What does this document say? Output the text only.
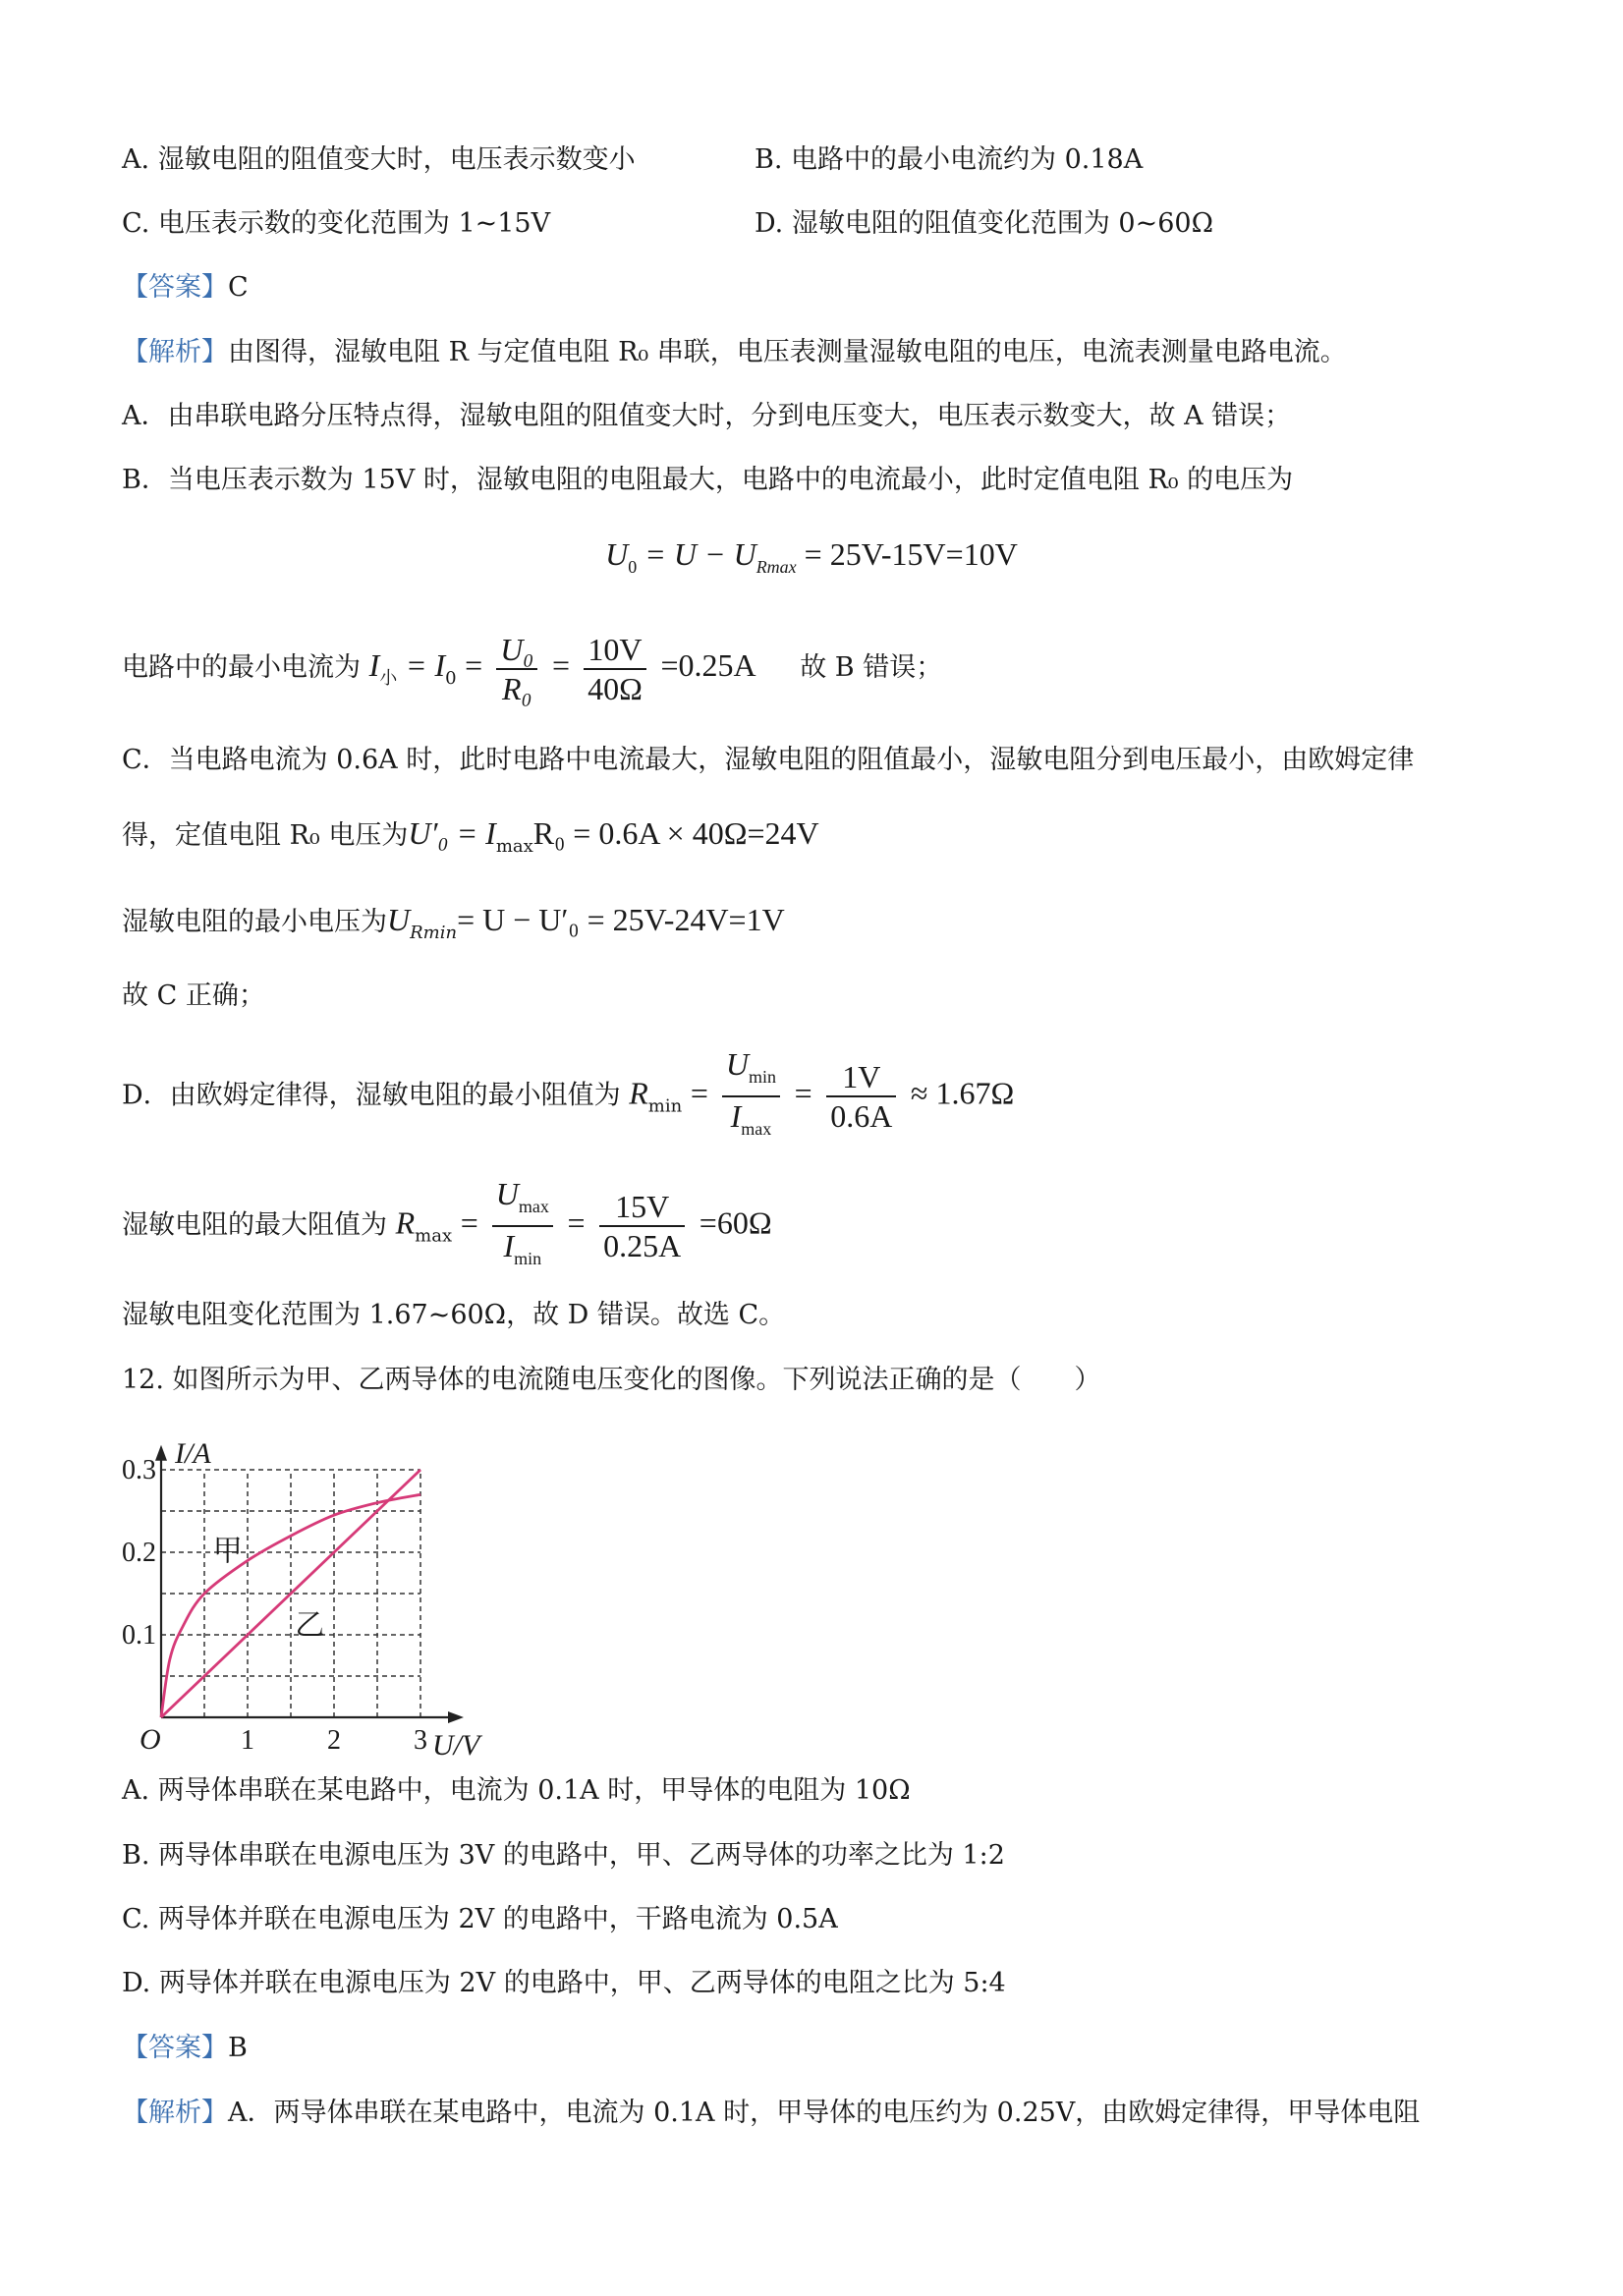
A. 湿敏电阻的阻值变大时，电压表示数变小	B. 电路中的最小电流约为 0.18A
C. 电压表示数的变化范围为 1~15V	D. 湿敏电阻的阻值变化范围为 0~60Ω
【答案】C
【解析】由图得，湿敏电阻 R 与定值电阻 R₀ 串联，电压表测量湿敏电阻的电压，电流表测量电路电流。
A．由串联电路分压特点得，湿敏电阻的阻值变大时，分到电压变大，电压表示数变大，故 A 错误；
B．当电压表示数为 15V 时，湿敏电阻的电阻最大，电路中的电流最小，此时定值电阻 R₀ 的电压为
$U_0 = U - U_{Rmax} = 25V-15V=10V$
电路中的最小电流为 $I_小 = I_0 = \frac{\text{U₀}}{\text{R₀}} = \frac{10V}{40\Omega} =0.25A$ 故 B 错误；
C．当电路电流为 0.6A 时，此时电路中电流最大，湿敏电阻的阻值最小，湿敏电阻分到电压最小，由欧姆定律
得，定值电阻 R₀ 电压为$U'_0 = I_{max}R_0 = 0.6A \times 40\Omega=24V$
湿敏电阻的最小电压为$U_{Rmin}= U - U'_0 = 25V-24V=1V$
故 C 正确；
D．由欧姆定律得，湿敏电阻的最小阻值为 $R_{min} = \frac{U_{min}}{I_{max}} = \frac{1V}{0.6A} \approx 1.67\Omega$
湿敏电阻的最大阻值为 $R_{max} = \frac{U_{max}}{I_{min}} = \frac{15V}{0.25A} =60\Omega$
湿敏电阻变化范围为 1.67~60Ω，故 D 错误。故选 C。
12. 如图所示为甲、乙两导体的电流随电压变化的图像。下列说法正确的是（　　）
0.1
0.2
0.3
1	2	3
O
I/A
U/V
甲
乙
A. 两导体串联在某电路中，电流为 0.1A 时，甲导体的电阻为 10Ω
B. 两导体串联在电源电压为 3V 的电路中，甲、乙两导体的功率之比为 1:2
C. 两导体并联在电源电压为 2V 的电路中，干路电流为 0.5A
D. 两导体并联在电源电压为 2V 的电路中，甲、乙两导体的电阻之比为 5:4
【答案】B
【解析】A．两导体串联在某电路中，电流为 0.1A 时，甲导体的电压约为 0.25V，由欧姆定律得，甲导体电阻
